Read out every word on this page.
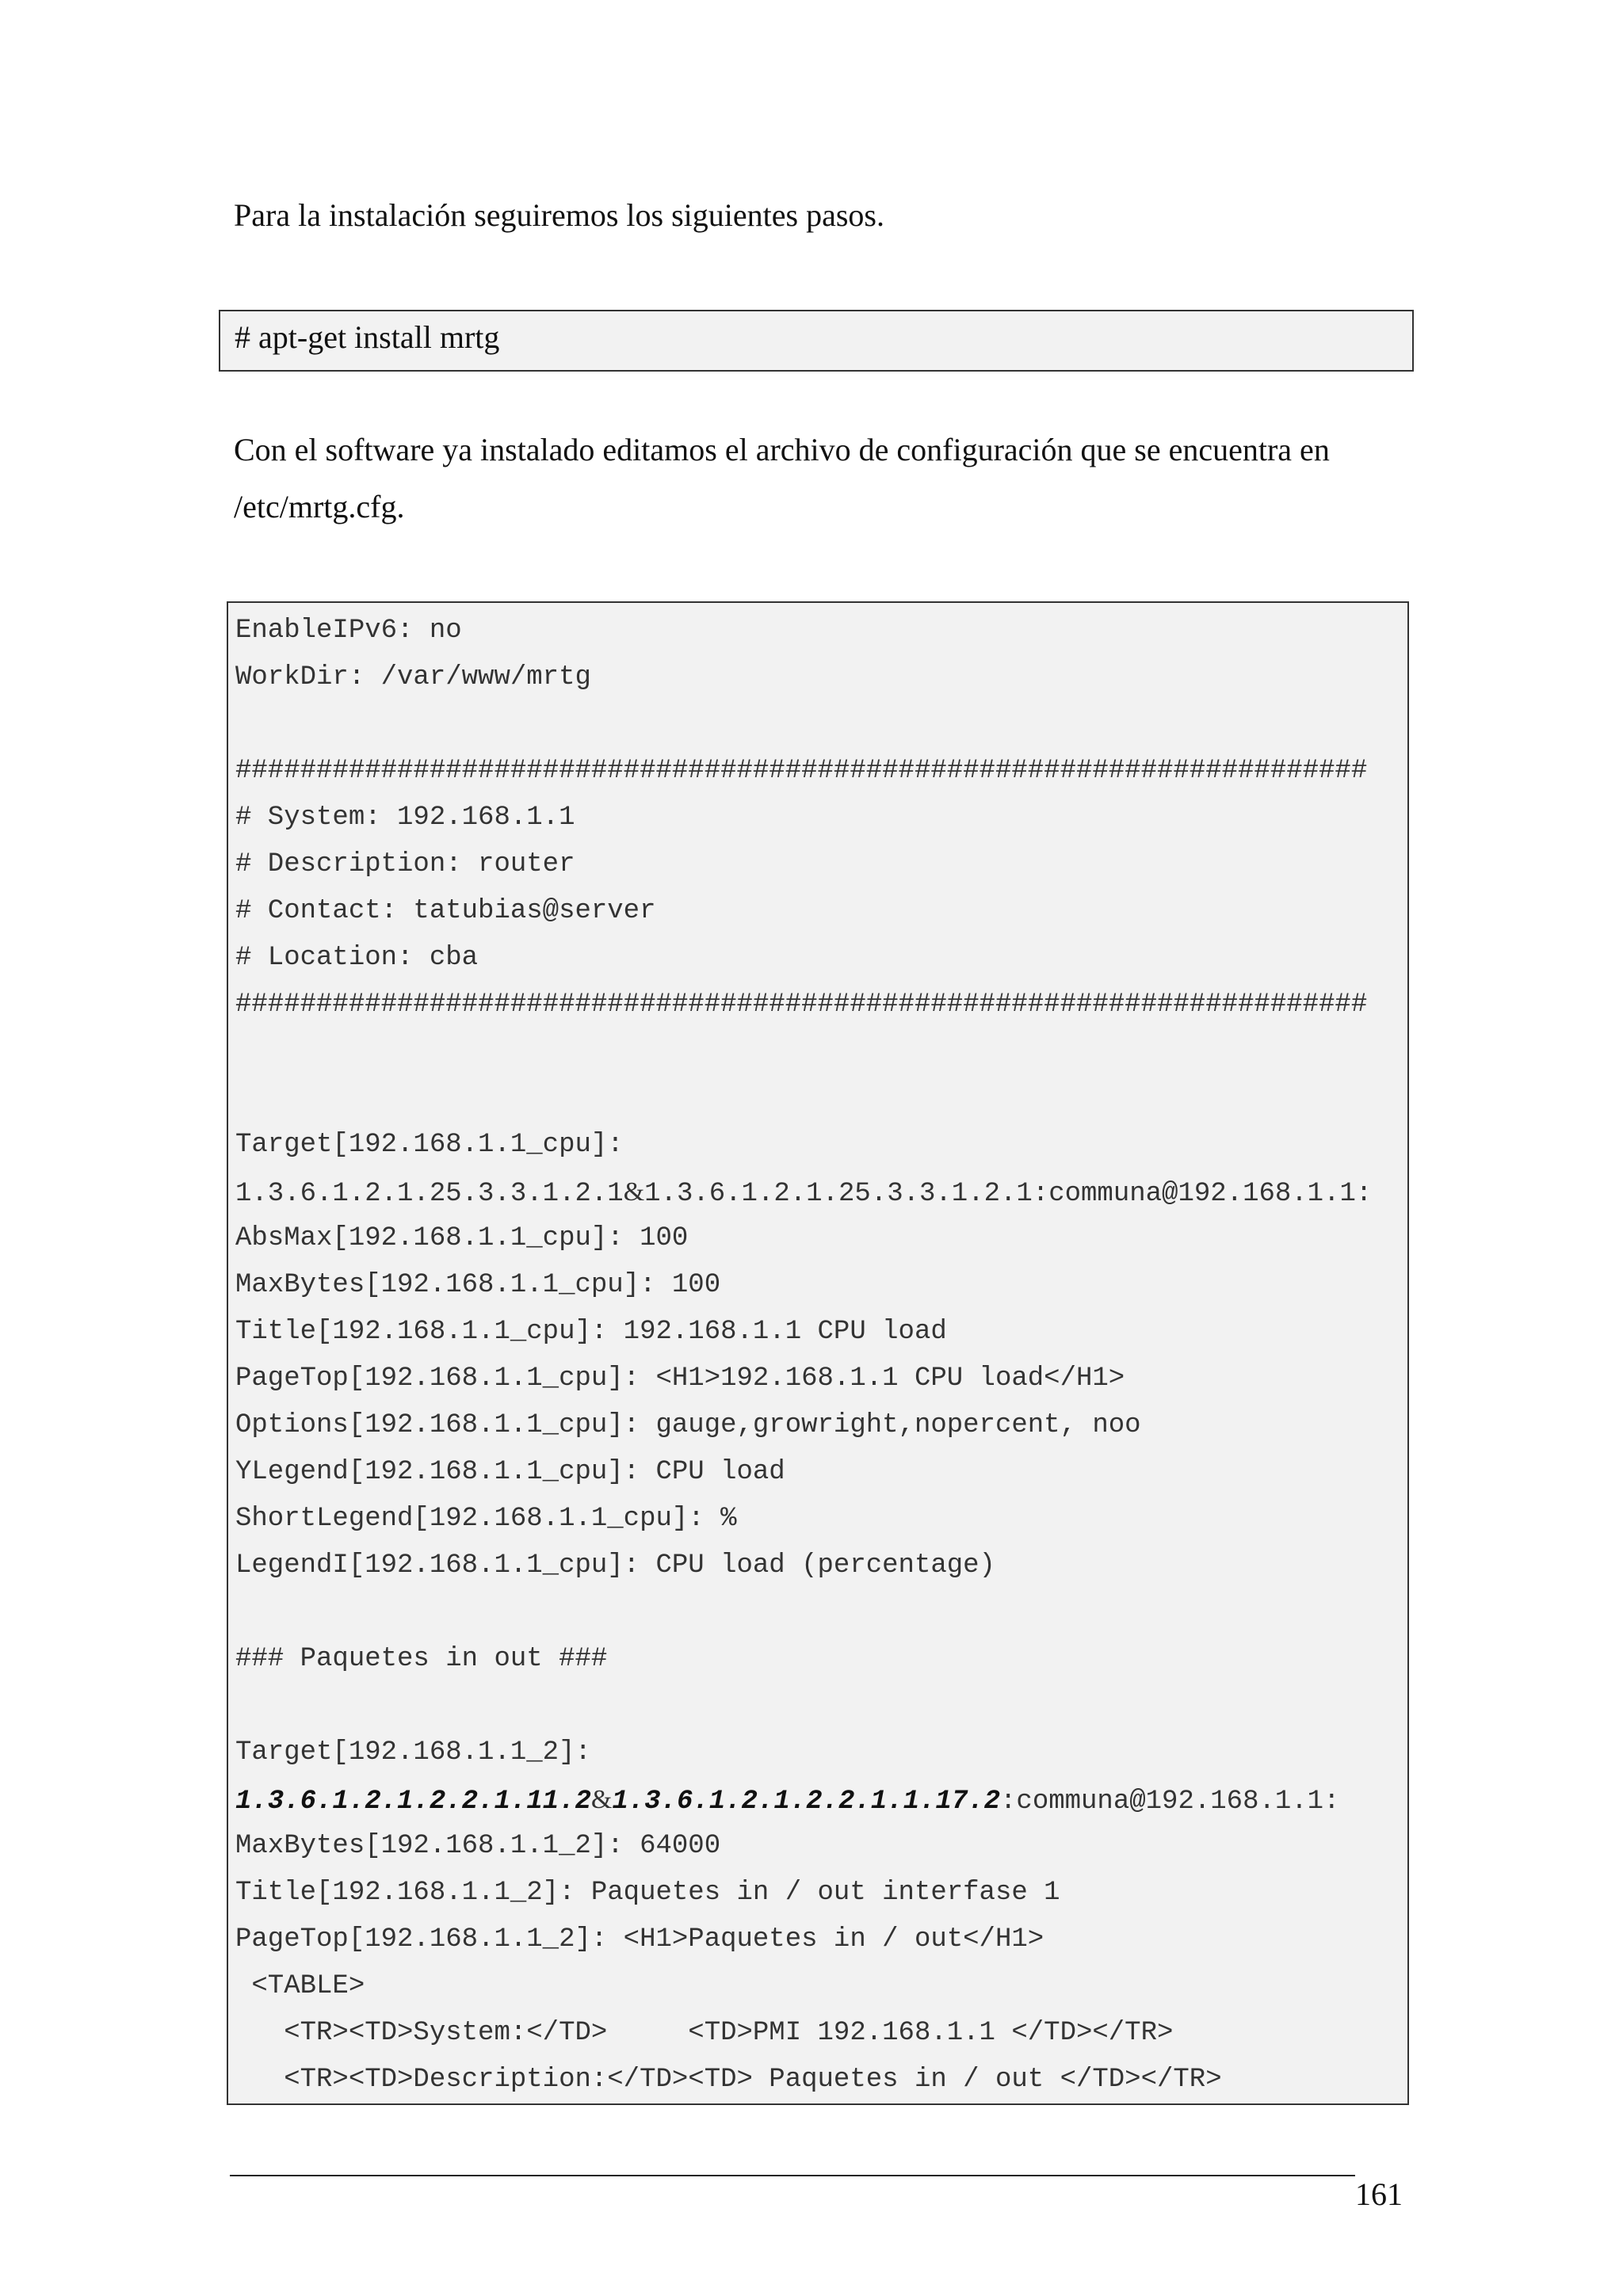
Para la instalación seguiremos los siguientes pasos.

# apt-get install mrtg

Con el software ya instalado editamos el archivo de configuración que se encuentra en
/etc/mrtg.cfg.

EnableIPv6: no
WorkDir: /var/www/mrtg
######################################################################
# System: 192.168.1.1
# Description: router
# Contact: tatubias@server
# Location: cba
######################################################################
Target[192.168.1.1_cpu]:
1.3.6.1.2.1.25.3.3.1.2.1&1.3.6.1.2.1.25.3.3.1.2.1:communa@192.168.1.1:
AbsMax[192.168.1.1_cpu]: 100
MaxBytes[192.168.1.1_cpu]: 100
Title[192.168.1.1_cpu]: 192.168.1.1 CPU load
PageTop[192.168.1.1_cpu]: <H1>192.168.1.1 CPU load</H1>
Options[192.168.1.1_cpu]: gauge,growright,nopercent, noo
YLegend[192.168.1.1_cpu]: CPU load
ShortLegend[192.168.1.1_cpu]: %
LegendI[192.168.1.1_cpu]: CPU load (percentage)
### Paquetes in out ###
Target[192.168.1.1_2]:
1.3.6.1.2.1.2.2.1.11.2&1.3.6.1.2.1.2.2.1.1.17.2:communa@192.168.1.1:
MaxBytes[192.168.1.1_2]: 64000
Title[192.168.1.1_2]: Paquetes in / out interfase 1
PageTop[192.168.1.1_2]: <H1>Paquetes in / out</H1>
<TABLE>
<TR><TD>System:</TD>     <TD>PMI 192.168.1.1 </TD></TR>
<TR><TD>Description:</TD><TD> Paquetes in / out </TD></TR>
161
